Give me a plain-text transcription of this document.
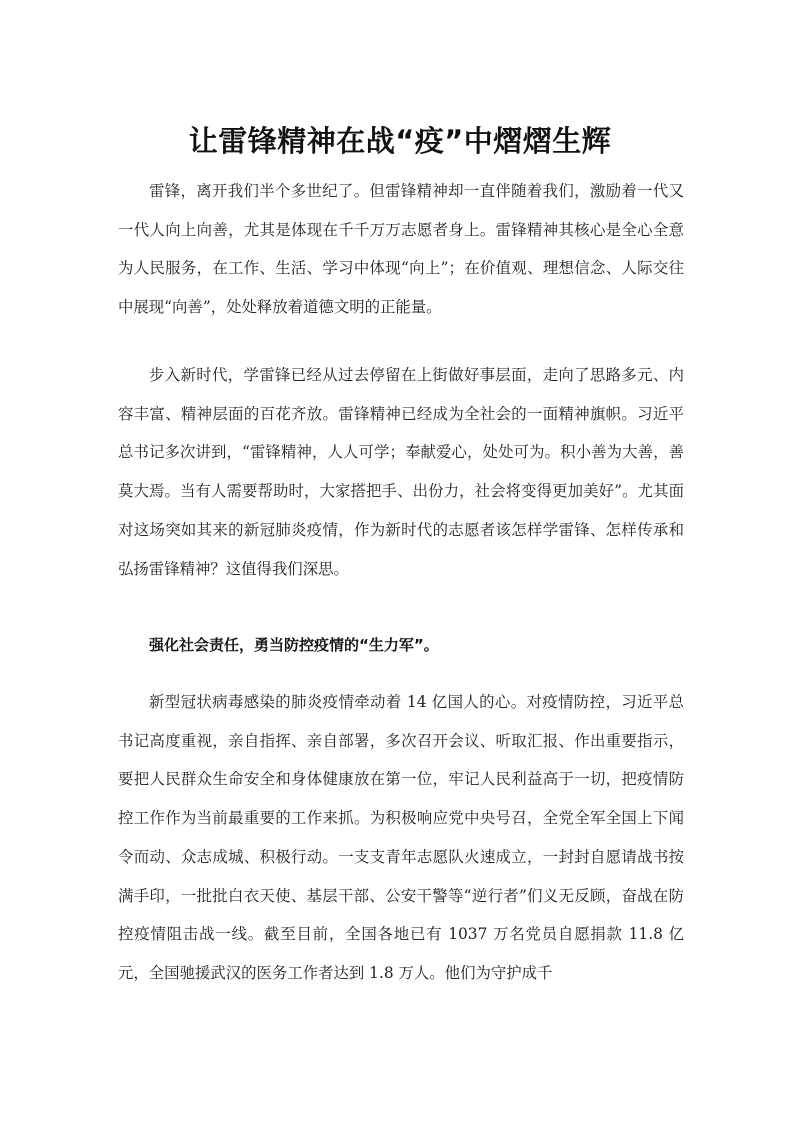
让雷锋精神在战“疫”中熠熠生辉

雷锋，离开我们半个多世纪了。但雷锋精神却一直伴随着我们，激励着一代又一代人向上向善，尤其是体现在千千万万志愿者身上。雷锋精神其核心是全心全意为人民服务，在工作、生活、学习中体现“向上”；在价值观、理想信念、人际交往中展现“向善”，处处释放着道德文明的正能量。

步入新时代，学雷锋已经从过去停留在上街做好事层面，走向了思路多元、内容丰富、精神层面的百花齐放。雷锋精神已经成为全社会的一面精神旗帜。习近平总书记多次讲到，“雷锋精神，人人可学；奉献爱心，处处可为。积小善为大善，善莫大焉。当有人需要帮助时，大家搭把手、出份力，社会将变得更加美好”。尤其面对这场突如其来的新冠肺炎疫情，作为新时代的志愿者该怎样学雷锋、怎样传承和弘扬雷锋精神？这值得我们深思。

强化社会责任，勇当防控疫情的“生力军”。

新型冠状病毒感染的肺炎疫情牵动着 14 亿国人的心。对疫情防控，习近平总书记高度重视，亲自指挥、亲自部署，多次召开会议、听取汇报、作出重要指示，要把人民群众生命安全和身体健康放在第一位，牢记人民利益高于一切，把疫情防控工作作为当前最重要的工作来抓。为积极响应党中央号召，全党全军全国上下闻令而动、众志成城、积极行动。一支支青年志愿队火速成立，一封封自愿请战书按满手印，一批批白衣天使、基层干部、公安干警等“逆行者”们义无反顾，奋战在防控疫情阻击战一线。截至目前，全国各地已有 1037 万名党员自愿捐款 11.8 亿元，全国驰援武汉的医务工作者达到 1.8 万人。他们为守护成千
